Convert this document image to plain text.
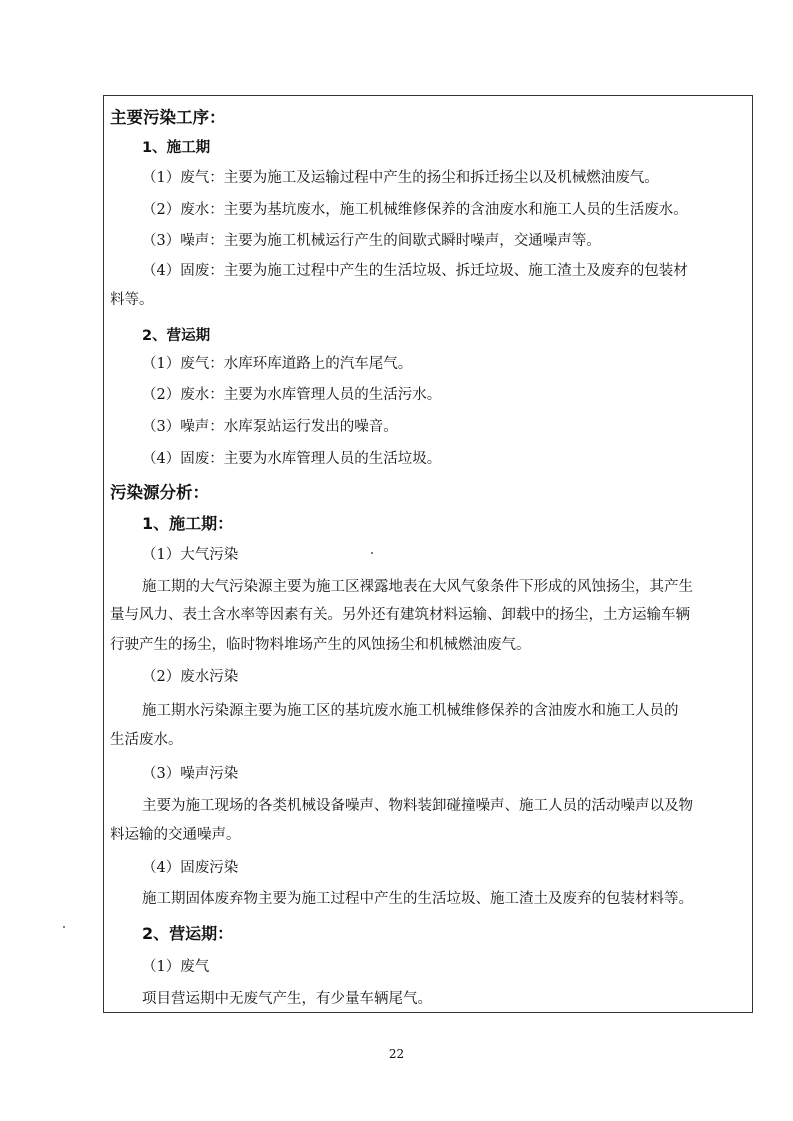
主要污染工序：
1、施工期
（1）废气：主要为施工及运输过程中产生的扬尘和拆迁扬尘以及机械燃油废气。
（2）废水：主要为基坑废水，施工机械维修保养的含油废水和施工人员的生活废水。
（3）噪声：主要为施工机械运行产生的间歇式瞬时噪声，交通噪声等。
（4）固废：主要为施工过程中产生的生活垃圾、拆迁垃圾、施工渣土及废弃的包装材
料等。
2、营运期
（1）废气：水库环库道路上的汽车尾气。
（2）废水：主要为水库管理人员的生活污水。
（3）噪声：水库泵站运行发出的噪音。
（4）固废：主要为水库管理人员的生活垃圾。
污染源分析：
1、施工期：
（1）大气污染
施工期的大气污染源主要为施工区裸露地表在大风气象条件下形成的风蚀扬尘，其产生
量与风力、表土含水率等因素有关。另外还有建筑材料运输、卸载中的扬尘，土方运输车辆
行驶产生的扬尘，临时物料堆场产生的风蚀扬尘和机械燃油废气。
（2）废水污染
施工期水污染源主要为施工区的基坑废水施工机械维修保养的含油废水和施工人员的
生活废水。
（3）噪声污染
主要为施工现场的各类机械设备噪声、物料装卸碰撞噪声、施工人员的活动噪声以及物
料运输的交通噪声。
（4）固废污染
施工期固体废弃物主要为施工过程中产生的生活垃圾、施工渣土及废弃的包装材料等。
2、营运期：
（1）废气
项目营运期中无废气产生，有少量车辆尾气。
22
